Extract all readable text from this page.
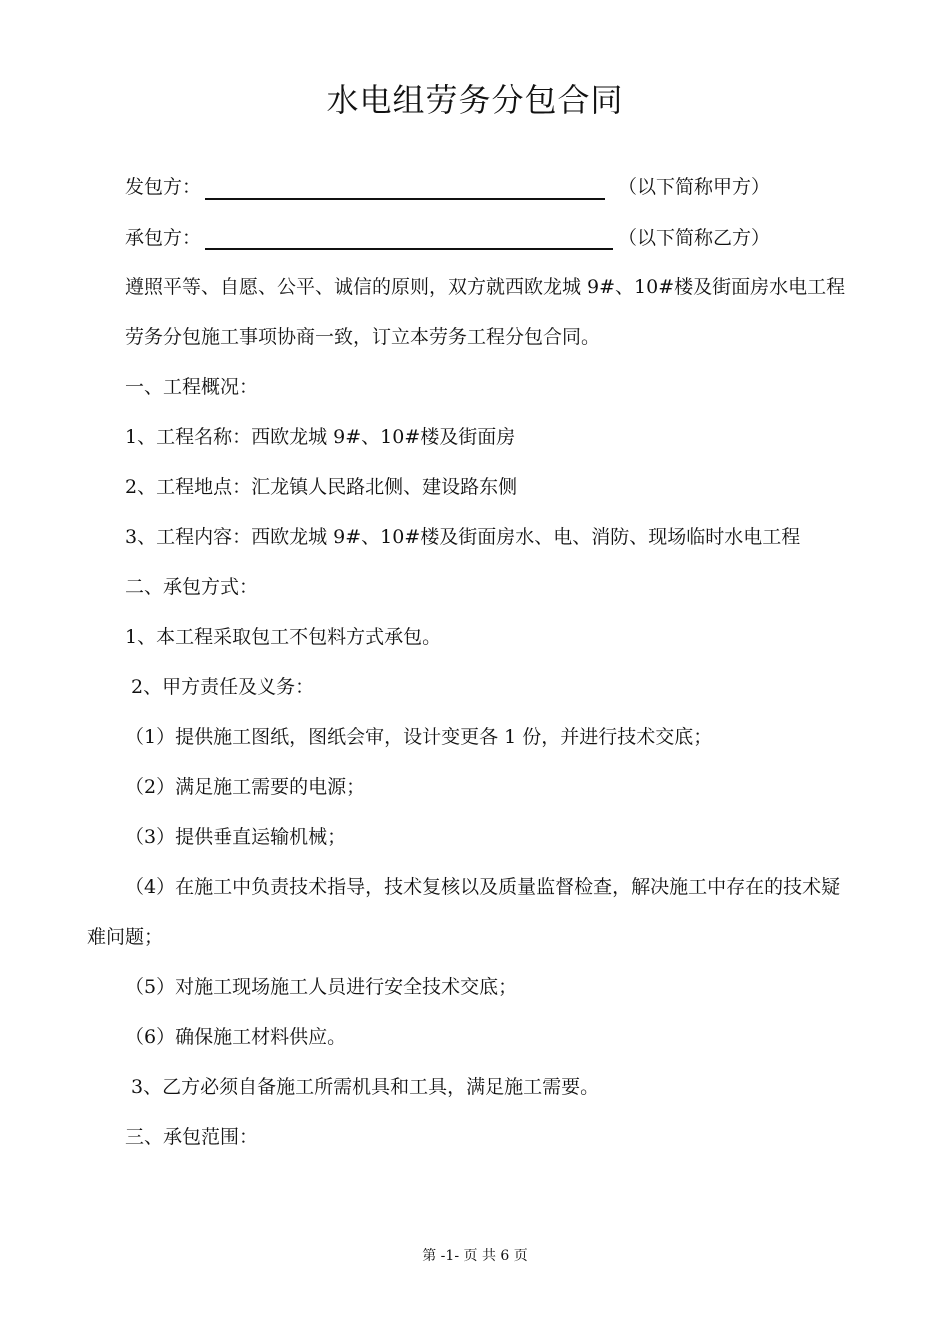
水电组劳务分包合同
发包方：	（以下简称甲方）
承包方：	（以下简称乙方）
遵照平等、自愿、公平、诚信的原则，双方就西欧龙城 9#、10#楼及街面房水电工程
劳务分包施工事项协商一致，订立本劳务工程分包合同。
一、工程概况：
1、工程名称：西欧龙城 9#、10#楼及街面房
2、工程地点：汇龙镇人民路北侧、建设路东侧
3、工程内容：西欧龙城 9#、10#楼及街面房水、电、消防、现场临时水电工程
二、承包方式：
1、本工程采取包工不包料方式承包。
2、甲方责任及义务：
（1）提供施工图纸，图纸会审，设计变更各 1 份，并进行技术交底；
（2）满足施工需要的电源；
（3）提供垂直运输机械；
（4）在施工中负责技术指导，技术复核以及质量监督检查，解决施工中存在的技术疑
难问题；
（5）对施工现场施工人员进行安全技术交底；
（6）确保施工材料供应。
3、乙方必须自备施工所需机具和工具，满足施工需要。
三、承包范围：
第 -1- 页 共 6 页
